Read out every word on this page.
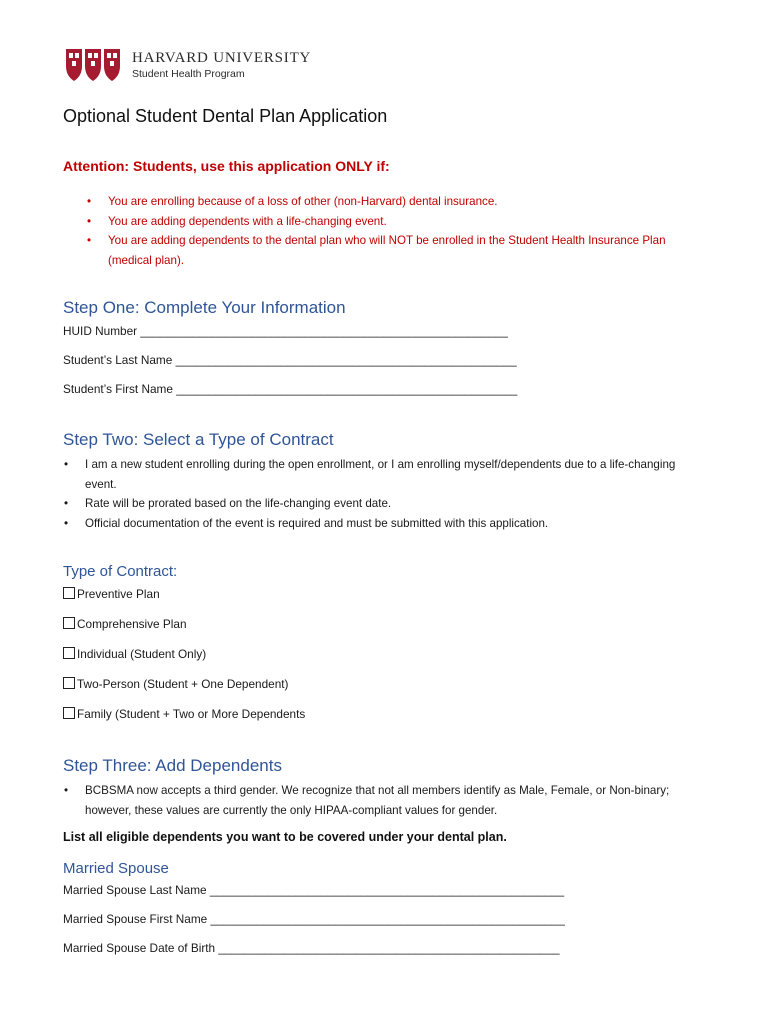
HARVARD UNIVERSITY
Student Health Program
Optional Student Dental Plan Application
Attention: Students, use this application ONLY if:
• You are enrolling because of a loss of other (non-Harvard) dental insurance.
• You are adding dependents with a life-changing event.
• You are adding dependents to the dental plan who will NOT be enrolled in the Student Health Insurance Plan (medical plan).
Step One: Complete Your Information
HUID Number ________________________________________________________
Student’s Last Name ____________________________________________________
Student’s First Name ____________________________________________________
Step Two: Select a Type of Contract
• I am a new student enrolling during the open enrollment, or I am enrolling myself/dependents due to a life-changing event.
• Rate will be prorated based on the life-changing event date.
• Official documentation of the event is required and must be submitted with this application.
Type of Contract:
Preventive Plan
Comprehensive Plan
Individual (Student Only)
Two-Person (Student + One Dependent)
Family (Student + Two or More Dependents
Step Three: Add Dependents
• BCBSMA now accepts a third gender. We recognize that not all members identify as Male, Female, or Non-binary; however, these values are currently the only HIPAA-compliant values for gender.
List all eligible dependents you want to be covered under your dental plan.
Married Spouse
Married Spouse Last Name ______________________________________________________
Married Spouse First Name ______________________________________________________
Married Spouse Date of Birth ____________________________________________________
